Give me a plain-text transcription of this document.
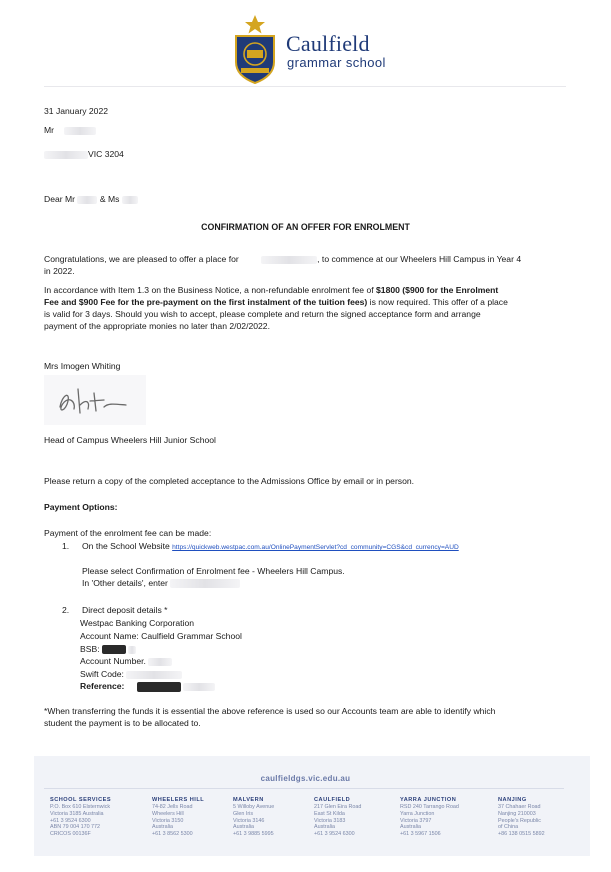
Caulfield
grammar school
31 January 2022
Mr
VIC 3204
Dear Mr	& Ms
CONFIRMATION OF AN OFFER FOR ENROLMENT
Congratulations, we are pleased to offer a place for	, to commence at our Wheelers Hill Campus in Year 4
in 2022.
In accordance with Item 1.3 on the Business Notice, a non-refundable enrolment fee of $1800 ($900 for the Enrolment
Fee and $900 Fee for the pre-payment on the first instalment of the tuition fees) is now required. This offer of a place
is valid for 3 days. Should you wish to accept, please complete and return the signed acceptance form and arrange
payment of the appropriate monies no later than 2/02/2022.
Mrs Imogen Whiting
Head of Campus Wheelers Hill Junior School
Please return a copy of the completed acceptance to the Admissions Office by email or in person.
Payment Options:
Payment of the enrolment fee can be made:
1. On the School Website https://quickweb.westpac.com.au/OnlinePaymentServlet?cd_community=CGS&cd_currency=AUD
Please select Confirmation of Enrolment fee - Wheelers Hill Campus.
In 'Other details', enter
2. Direct deposit details *
Westpac Banking Corporation
Account Name: Caulfield Grammar School
BSB:
Account Number.
Swift Code:
Reference:
*When transferring the funds it is essential the above reference is used so our Accounts team are able to identify which
student the payment is to be allocated to.
caulfieldgs.vic.edu.au
SCHOOL SERVICES
P.O. Box 610 Elsternwick
Victoria 3185 Australia
+61 3 9524 6300
ABN 79 004 170 772
CRICOS 00136F
WHEELERS HILL
74-82 Jells Road
Wheelers Hill
Victoria 3150
Australia
+61 3 8562 5300
MALVERN
5 Willoby Avenue
Glen Iris
Victoria 3146
Australia
+61 3 9885 5995
CAULFIELD
217 Glen Eira Road
East St Kilda
Victoria 3183
Australia
+61 3 9524 6300
YARRA JUNCTION
RSD 240 Tarrango Road
Yarra Junction
Victoria 3797
Australia
+61 3 5967 1506
NANJING
37 Chahaer Road
Nanjing 210003
People's Republic
of China
+86 138 0515 5892
